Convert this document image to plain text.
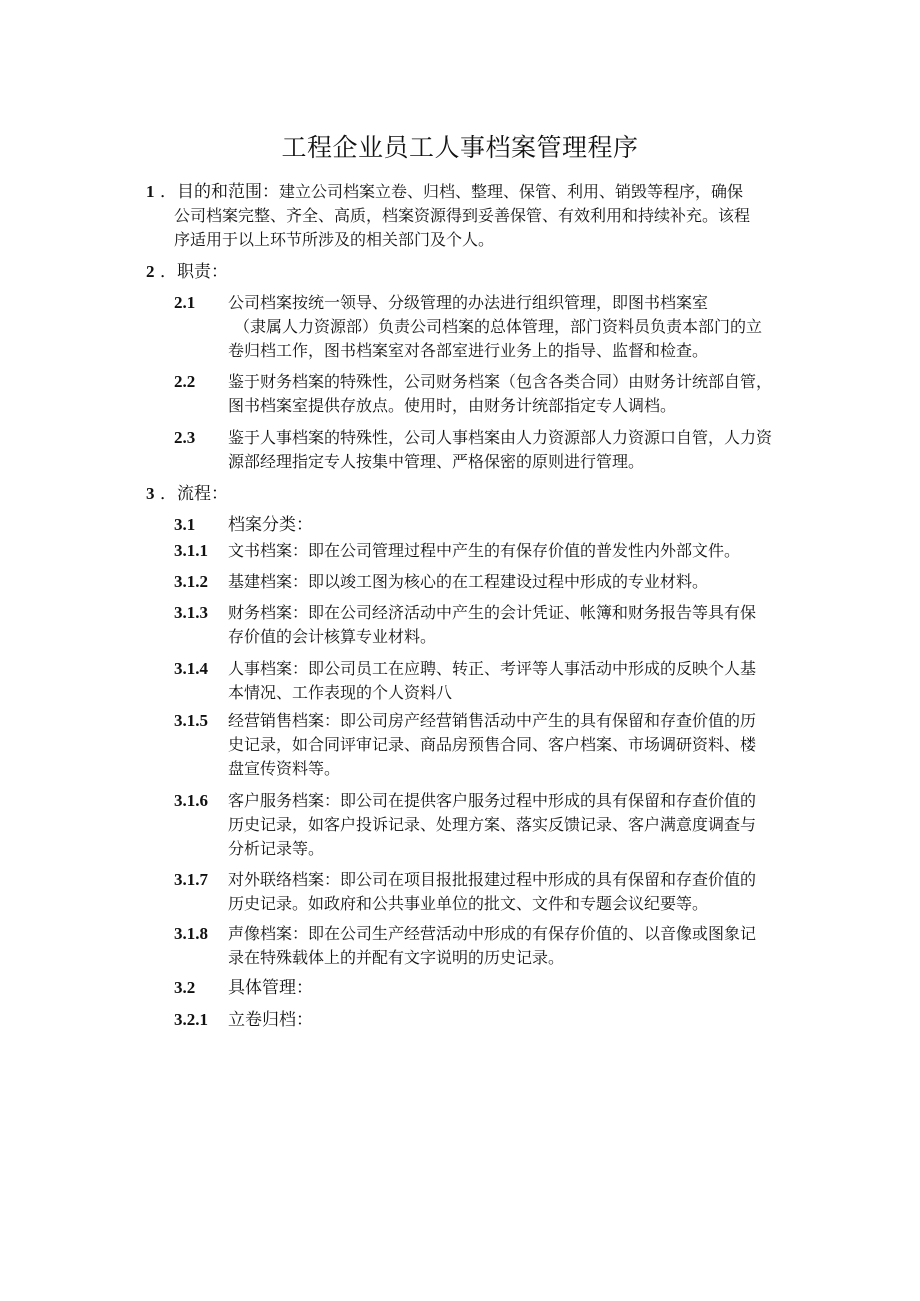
工程企业员工人事档案管理程序
1 ．目的和范围：建立公司档案立卷、归档、整理、保管、利用、销毁等程序，确保
公司档案完整、齐全、高质，档案资源得到妥善保管、有效利用和持续补充。该程
序适用于以上环节所涉及的相关部门及个人。
2 ．职责：
2.1 公司档案按统一领导、分级管理的办法进行组织管理，即图书档案室
（隶属人力资源部）负责公司档案的总体管理，部门资料员负责本部门的立
卷归档工作，图书档案室对各部室进行业务上的指导、监督和检查。
2.2 鉴于财务档案的特殊性，公司财务档案（包含各类合同）由财务计统部自管，
图书档案室提供存放点。使用时，由财务计统部指定专人调档。
2.3 鉴于人事档案的特殊性，公司人事档案由人力资源部人力资源口自管，人力资
源部经理指定专人按集中管理、严格保密的原则进行管理。
3 ．流程：
3.1 档案分类：
3.1.1 文书档案：即在公司管理过程中产生的有保存价值的普发性内外部文件。
3.1.2 基建档案：即以竣工图为核心的在工程建设过程中形成的专业材料。
3.1.3 财务档案：即在公司经济活动中产生的会计凭证、帐簿和财务报告等具有保
存价值的会计核算专业材料。
3.1.4 人事档案：即公司员工在应聘、转正、考评等人事活动中形成的反映个人基
本情况、工作表现的个人资料八
3.1.5 经营销售档案：即公司房产经营销售活动中产生的具有保留和存查价值的历
史记录，如合同评审记录、商品房预售合同、客户档案、市场调研资料、楼
盘宣传资料等。
3.1.6 客户服务档案：即公司在提供客户服务过程中形成的具有保留和存查价值的
历史记录，如客户投诉记录、处理方案、落实反馈记录、客户满意度调查与
分析记录等。
3.1.7 对外联络档案：即公司在项目报批报建过程中形成的具有保留和存查价值的
历史记录。如政府和公共事业单位的批文、文件和专题会议纪要等。
3.1.8 声像档案：即在公司生产经营活动中形成的有保存价值的、以音像或图象记
录在特殊载体上的并配有文字说明的历史记录。
3.2 具体管理：
3.2.1 立卷归档：
